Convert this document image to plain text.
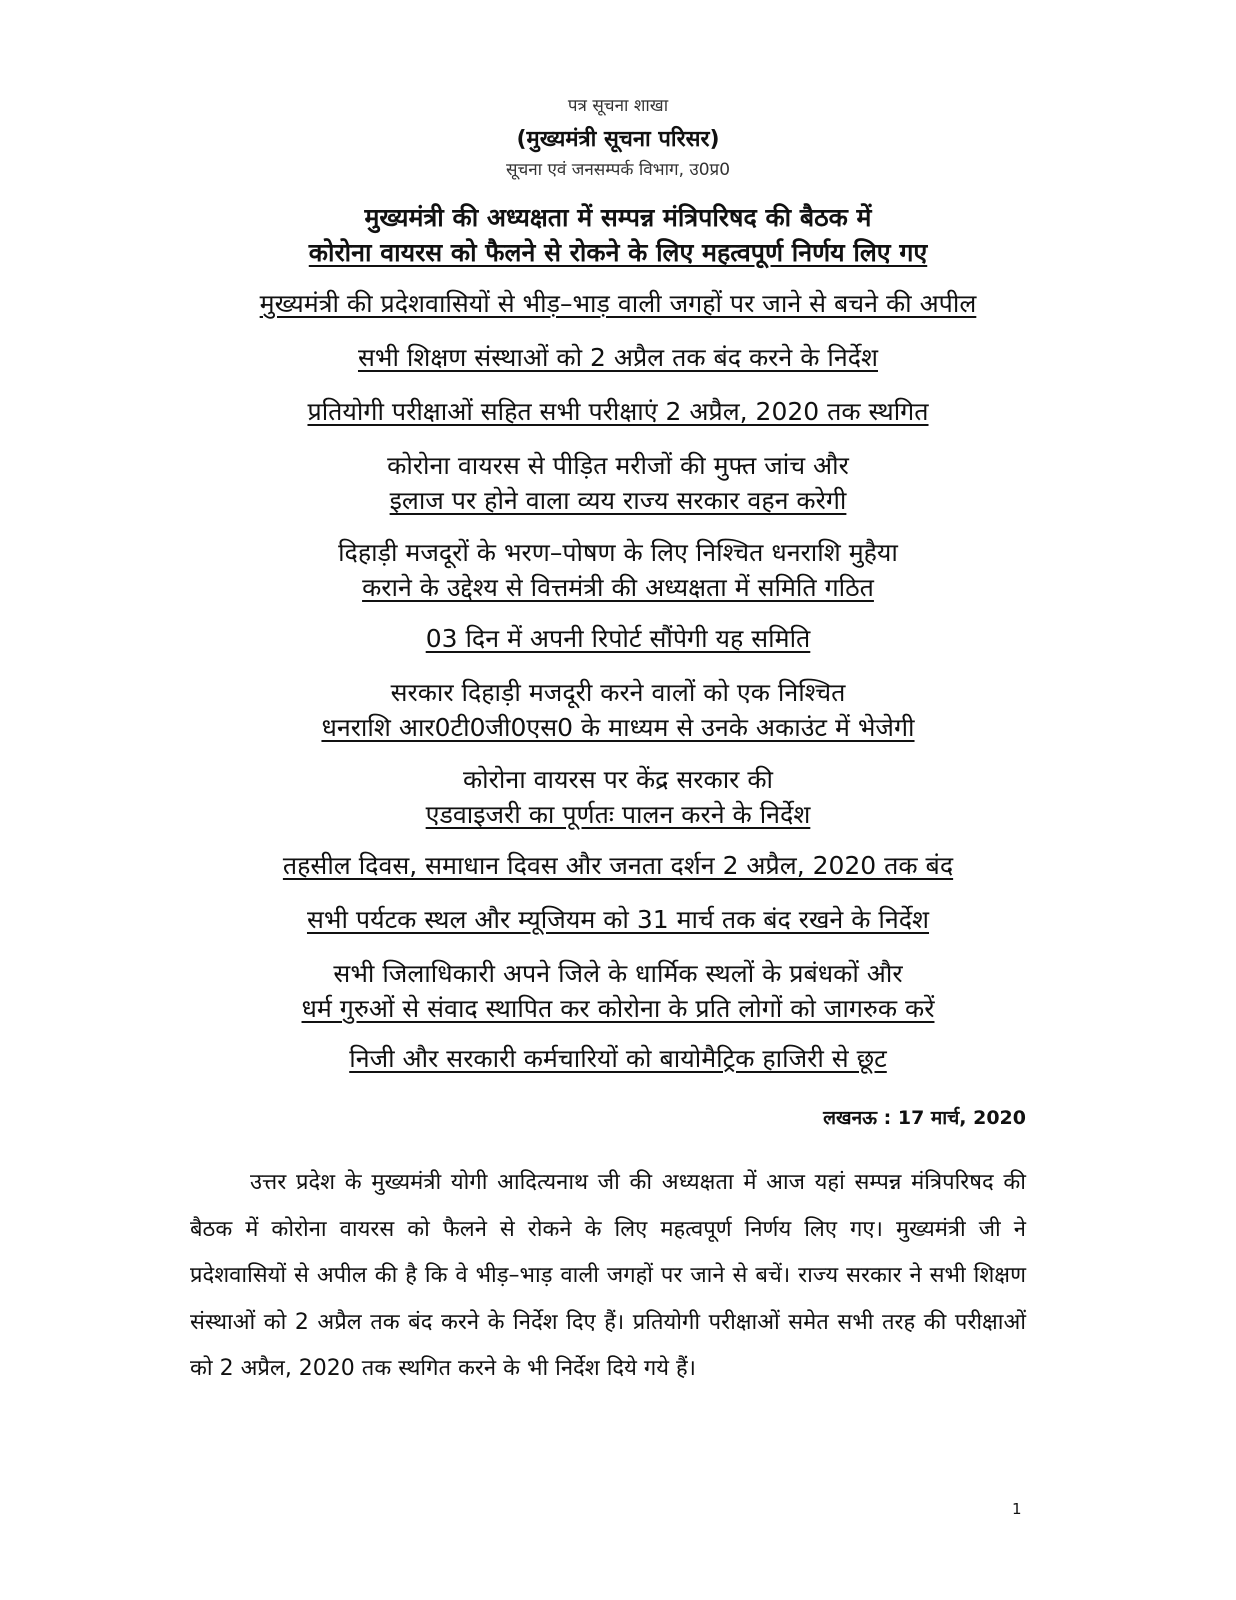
पत्र सूचना शाखा
(मुख्यमंत्री सूचना परिसर)
सूचना एवं जनसम्पर्क विभाग, उ0प्र0
मुख्यमंत्री की अध्यक्षता में सम्पन्न मंत्रिपरिषद की बैठक में
कोरोना वायरस को फैलने से रोकने के लिए महत्वपूर्ण निर्णय लिए गए
मुख्यमंत्री की प्रदेशवासियों से भीड़–भाड़ वाली जगहों पर जाने से बचने की अपील
सभी शिक्षण संस्थाओं को 2 अप्रैल तक बंद करने के निर्देश
प्रतियोगी परीक्षाओं सहित सभी परीक्षाएं 2 अप्रैल, 2020 तक स्थगित
कोरोना वायरस से पीड़ित मरीजों की मुफ्त जांच और
इलाज पर होने वाला व्यय राज्य सरकार वहन करेगी
दिहाड़ी मजदूरों के भरण–पोषण के लिए निश्चित धनराशि मुहैया
कराने के उद्देश्य से वित्तमंत्री की अध्यक्षता में समिति गठित
03 दिन में अपनी रिपोर्ट सौंपेगी यह समिति
सरकार दिहाड़ी मजदूरी करने वालों को एक निश्चित
धनराशि आर0टी0जी0एस0 के माध्यम से उनके अकाउंट में भेजेगी
कोरोना वायरस पर केंद्र सरकार की
एडवाइजरी का पूर्णतः पालन करने के निर्देश
तहसील दिवस, समाधान दिवस और जनता दर्शन 2 अप्रैल, 2020 तक बंद
सभी पर्यटक स्थल और म्यूजियम को 31 मार्च तक बंद रखने के निर्देश
सभी जिलाधिकारी अपने जिले के धार्मिक स्थलों के प्रबंधकों और
धर्म गुरुओं से संवाद स्थापित कर कोरोना के प्रति लोगों को जागरुक करें
निजी और सरकारी कर्मचारियों को बायोमैट्रिक हाजिरी से छूट
लखनऊ : 17 मार्च, 2020
उत्तर प्रदेश के मुख्यमंत्री योगी आदित्यनाथ जी की अध्यक्षता में आज यहां सम्पन्न मंत्रिपरिषद की बैठक में कोरोना वायरस को फैलने से रोकने के लिए महत्वपूर्ण निर्णय लिए गए। मुख्यमंत्री जी ने प्रदेशवासियों से अपील की है कि वे भीड़–भाड़ वाली जगहों पर जाने से बचें। राज्य सरकार ने सभी शिक्षण संस्थाओं को 2 अप्रैल तक बंद करने के निर्देश दिए हैं। प्रतियोगी परीक्षाओं समेत सभी तरह की परीक्षाओं को 2 अप्रैल, 2020 तक स्थगित करने के भी निर्देश दिये गये हैं।
1
